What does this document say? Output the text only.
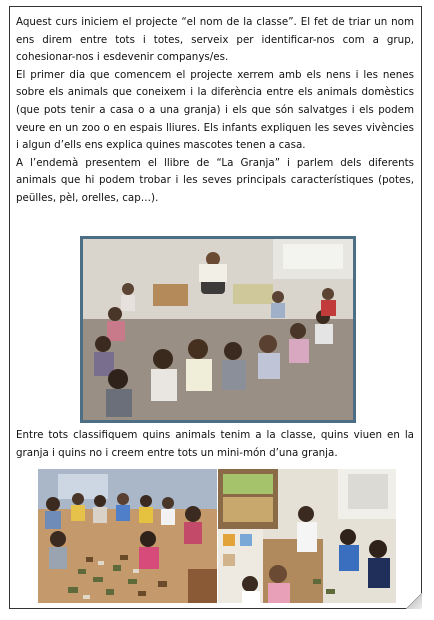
Aquest curs iniciem el projecte “el nom de la classe”. El fet de triar un nom ens direm entre tots i totes, serveix per identificar-nos com a grup, cohesionar-nos i esdevenir companys/es.

El primer dia que comencem el projecte xerrem amb els nens i les nenes sobre els animals que coneixem i la diferència entre els animals domèstics (que pots tenir a casa o a una granja) i els que són salvatges i els podem veure en un zoo o en espais lliures. Els infants expliquen les seves vivències i algun d’ells ens explica quines mascotes tenen a casa.

A l’endemà presentem el llibre de “La Granja” i parlem dels diferents animals que hi podem trobar i les seves principals característiques (potes, peülles, pèl, orelles, cap…).

Entre tots classifiquem quins animals tenim a la classe, quins viuen en la granja i quins no i creem entre tots un mini-món d’una granja.
